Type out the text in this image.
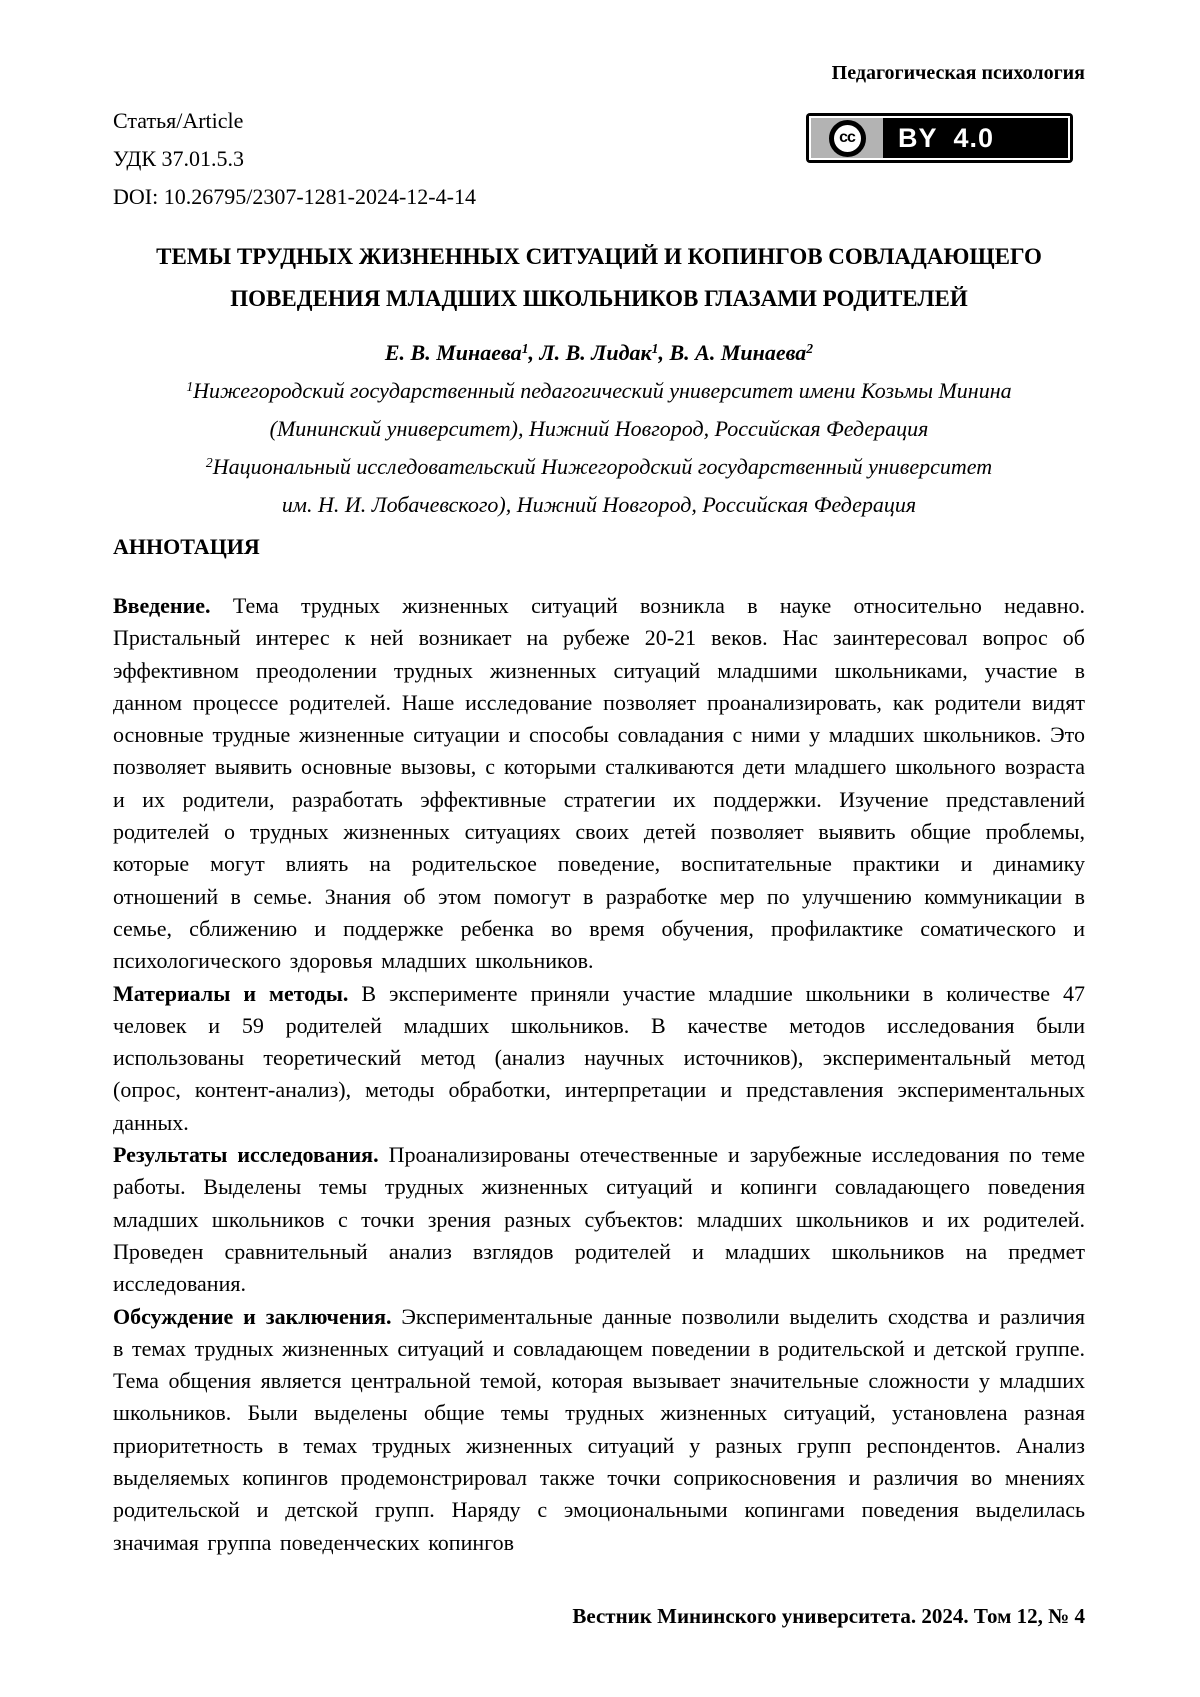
Педагогическая психология
cc	BY 4.0
Статья/Article
УДК 37.01.5.3
DOI: 10.26795/2307-1281-2024-12-4-14
ТЕМЫ ТРУДНЫХ ЖИЗНЕННЫХ СИТУАЦИЙ И КОПИНГОВ СОВЛАДАЮЩЕГО
ПОВЕДЕНИЯ МЛАДШИХ ШКОЛЬНИКОВ ГЛАЗАМИ РОДИТЕЛЕЙ
Е. В. Минаева$^1$, Л. В. Лидак$^1$, В. А. Минаева$^2$
$^1$Нижегородский государственный педагогический университет имени Козьмы Минина
(Мининский университет), Нижний Новгород, Российская Федерация
$^2$Национальный исследовательский Нижегородский государственный университет
им. Н. И. Лобачевского), Нижний Новгород, Российская Федерация
АННОТАЦИЯ

Введение. Тема трудных жизненных ситуаций возникла в науке относительно недавно. Пристальный интерес к ней возникает на рубеже 20-21 веков. Нас заинтересовал вопрос об эффективном преодолении трудных жизненных ситуаций младшими школьниками, участие в данном процессе родителей. Наше исследование позволяет проанализировать, как родители видят основные трудные жизненные ситуации и способы совладания с ними у младших школьников. Это позволяет выявить основные вызовы, с которыми сталкиваются дети младшего школьного возраста и их родители, разработать эффективные стратегии их поддержки. Изучение представлений родителей о трудных жизненных ситуациях своих детей позволяет выявить общие проблемы, которые могут влиять на родительское поведение, воспитательные практики и динамику отношений в семье. Знания об этом помогут в разработке мер по улучшению коммуникации в семье, сближению и поддержке ребенка во время обучения, профилактике соматического и психологического здоровья младших школьников.

Материалы и методы. В эксперименте приняли участие младшие школьники в количестве 47 человек и 59 родителей младших школьников. В качестве методов исследования были использованы теоретический метод (анализ научных источников), экспериментальный метод (опрос, контент-анализ), методы обработки, интерпретации и представления экспериментальных данных.

Результаты исследования. Проанализированы отечественные и зарубежные исследования по теме работы. Выделены темы трудных жизненных ситуаций и копинги совладающего поведения младших школьников с точки зрения разных субъектов: младших школьников и их родителей. Проведен сравнительный анализ взглядов родителей и младших школьников на предмет исследования.

Обсуждение и заключения. Экспериментальные данные позволили выделить сходства и различия в темах трудных жизненных ситуаций и совладающем поведении в родительской и детской группе. Тема общения является центральной темой, которая вызывает значительные сложности у младших школьников. Были выделены общие темы трудных жизненных ситуаций, установлена разная приоритетность в темах трудных жизненных ситуаций у разных групп респондентов. Анализ выделяемых копингов продемонстрировал также точки соприкосновения и различия во мнениях родительской и детской групп. Наряду с эмоциональными копингами поведения выделилась значимая группа поведенческих копингов

Вестник Мининского университета. 2024. Том 12, № 4
